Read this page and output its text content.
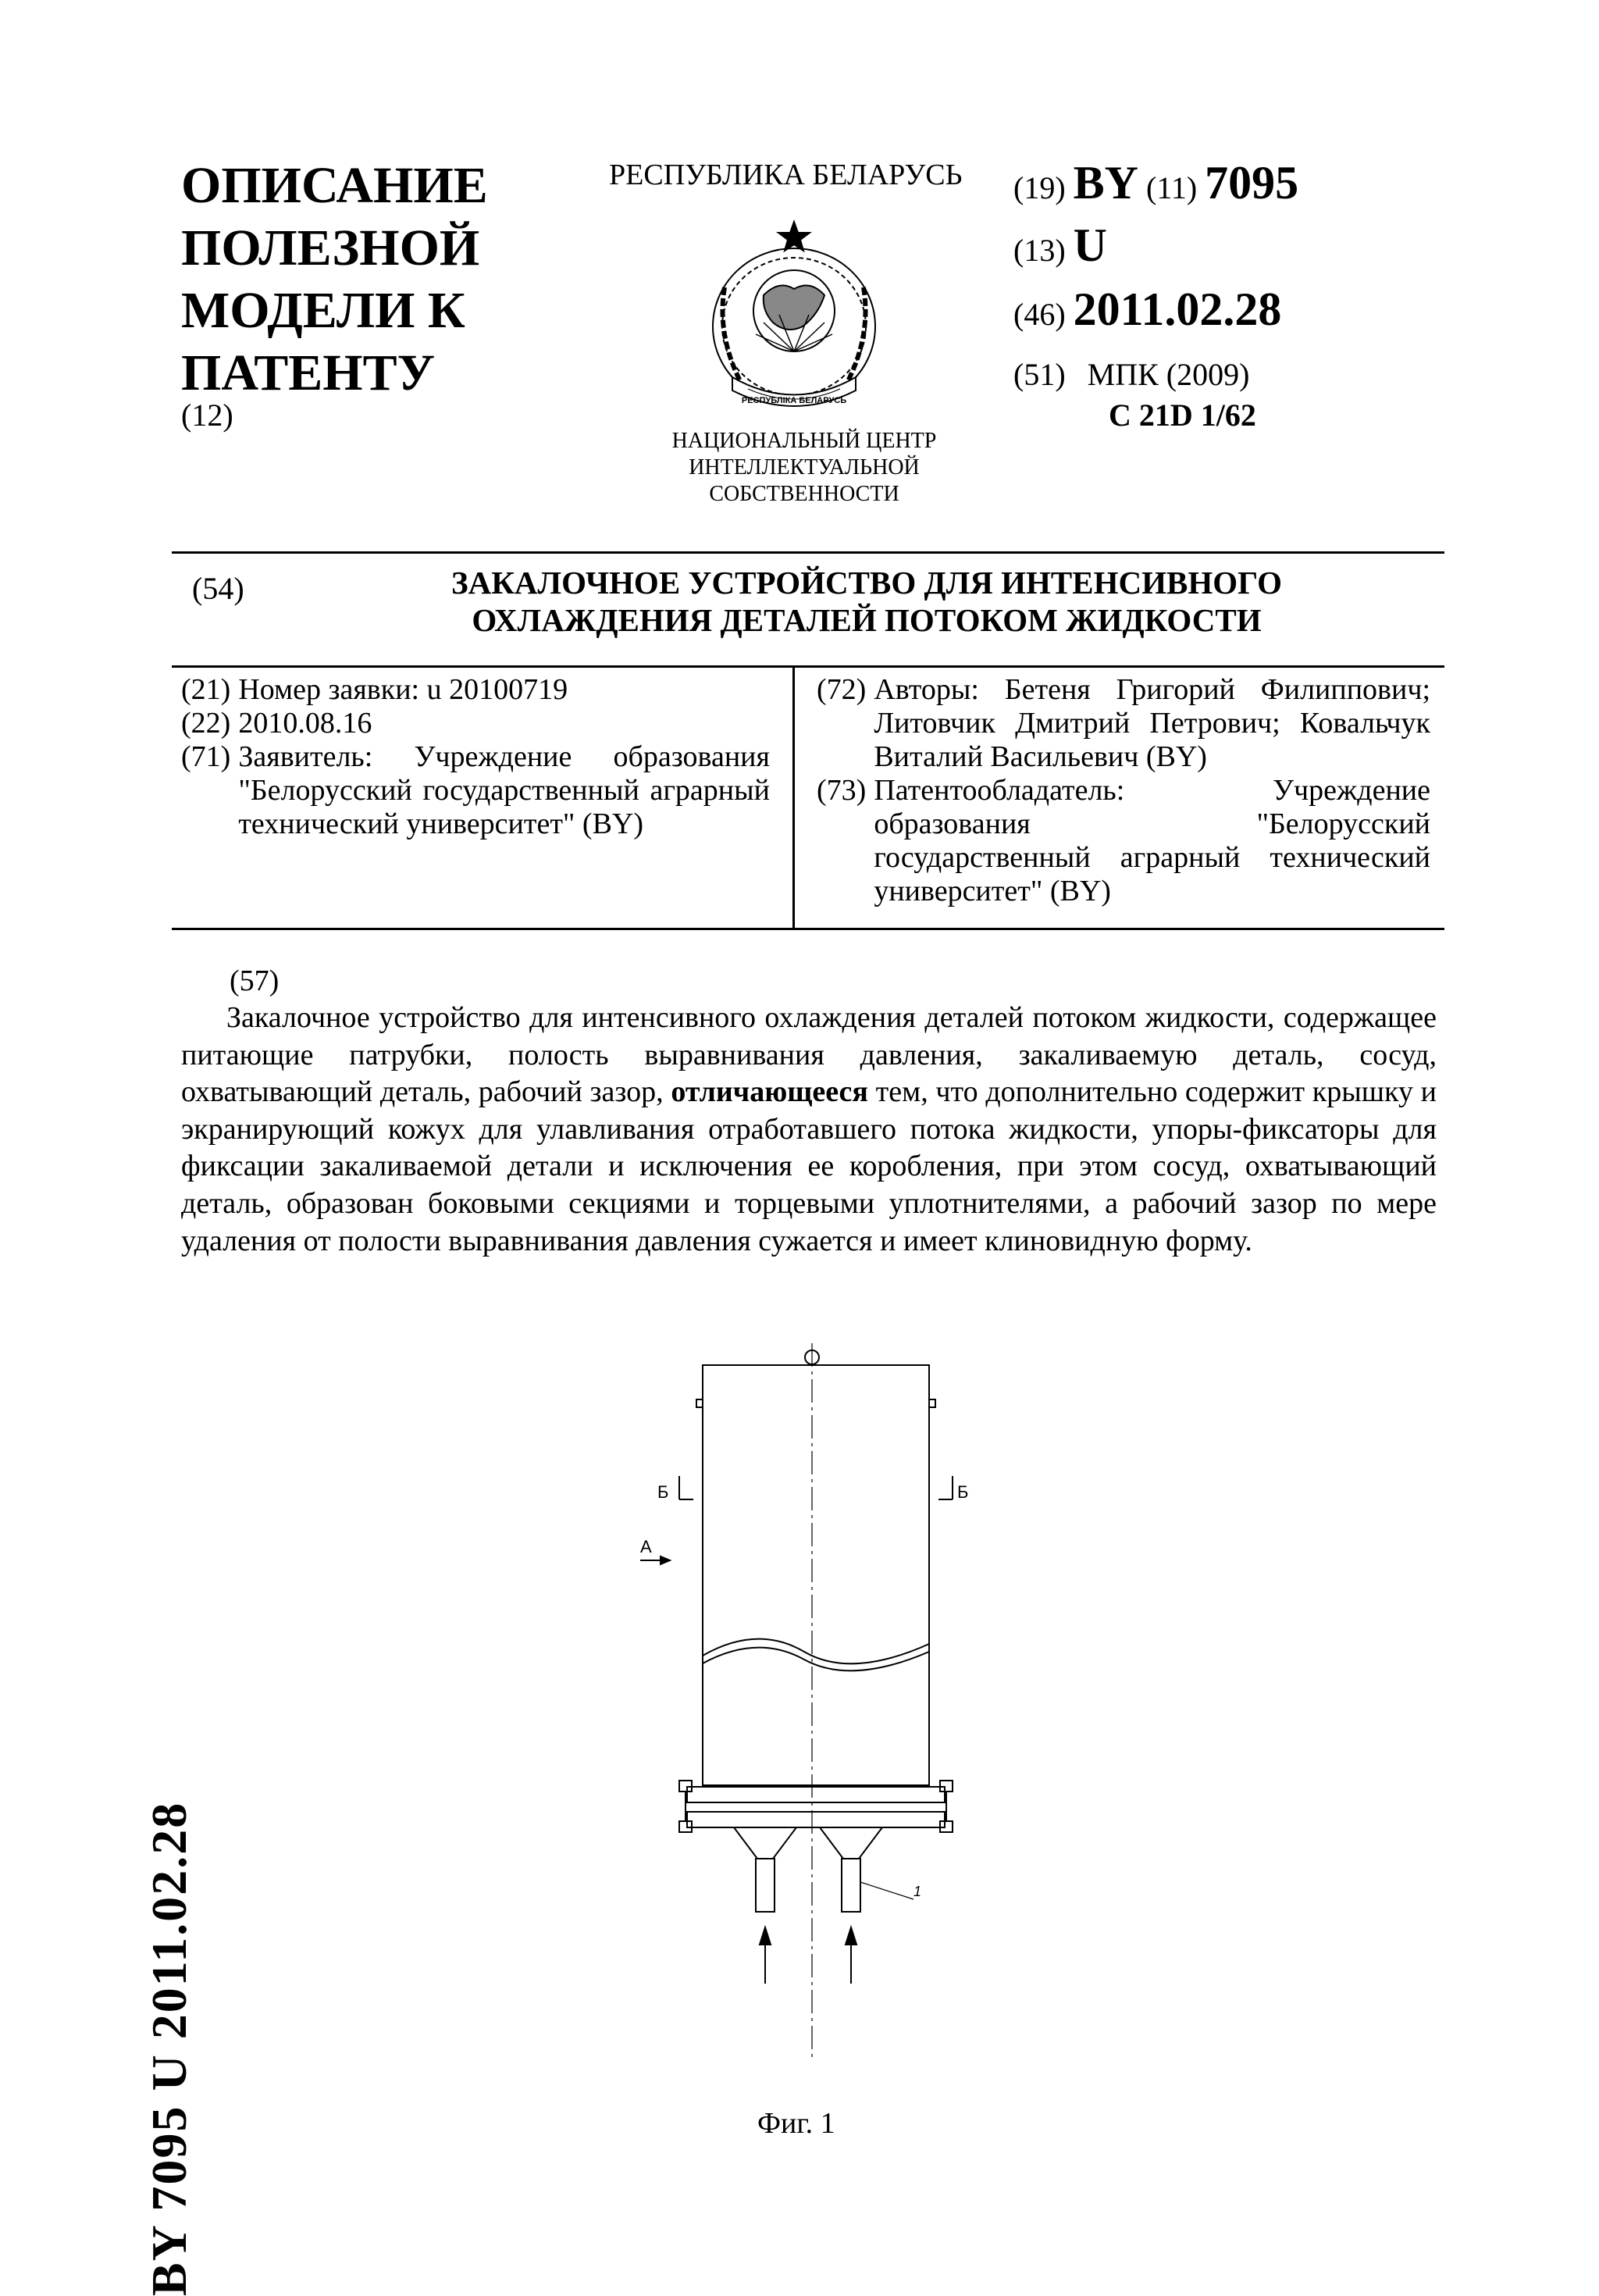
ОПИСАНИЕ
ПОЛЕЗНОЙ
МОДЕЛИ К
ПАТЕНТУ
(12)
РЕСПУБЛИКА БЕЛАРУСЬ
РЕСПУБЛІКА БЕЛАРУСЬ
НАЦИОНАЛЬНЫЙ ЦЕНТР
ИНТЕЛЛЕКТУАЛЬНОЙ
СОБСТВЕННОСТИ
(19) BY (11) 7095
(13) U
(46) 2011.02.28
(51) МПК (2009)
C 21D 1/62
(54)	ЗАКАЛОЧНОЕ УСТРОЙСТВО ДЛЯ ИНТЕНСИВНОГО
ОХЛАЖДЕНИЯ ДЕТАЛЕЙ ПОТОКОМ ЖИДКОСТИ
(21) Номер заявки: u 20100719
(22) 2010.08.16
(71) Заявитель: Учреждение образования "Белорусский государственный аграрный технический университет" (BY)
(72) Авторы: Бетеня Григорий Филиппович; Литовчик Дмитрий Петрович; Ковальчук Виталий Васильевич (BY)
(73) Патентообладатель: Учреждение образования "Белорусский государственный аграрный технический университет" (BY)
(57)

Закалочное устройство для интенсивного охлаждения деталей потоком жидкости, содержащее питающие патрубки, полость выравнивания давления, закаливаемую деталь, сосуд, охватывающий деталь, рабочий зазор, отличающееся тем, что дополнительно содержит крышку и экранирующий кожух для улавливания отработавшего потока жидкости, упоры-фиксаторы для фиксации закаливаемой детали и исключения ее коробления, при этом сосуд, охватывающий деталь, образован боковыми секциями и торцевыми уплотнителями, а рабочий зазор по мере удаления от полости выравнивания давления сужается и имеет клиновидную форму.

Б	Б
А
1
Фиг. 1
BY 7095 U 2011.02.28
